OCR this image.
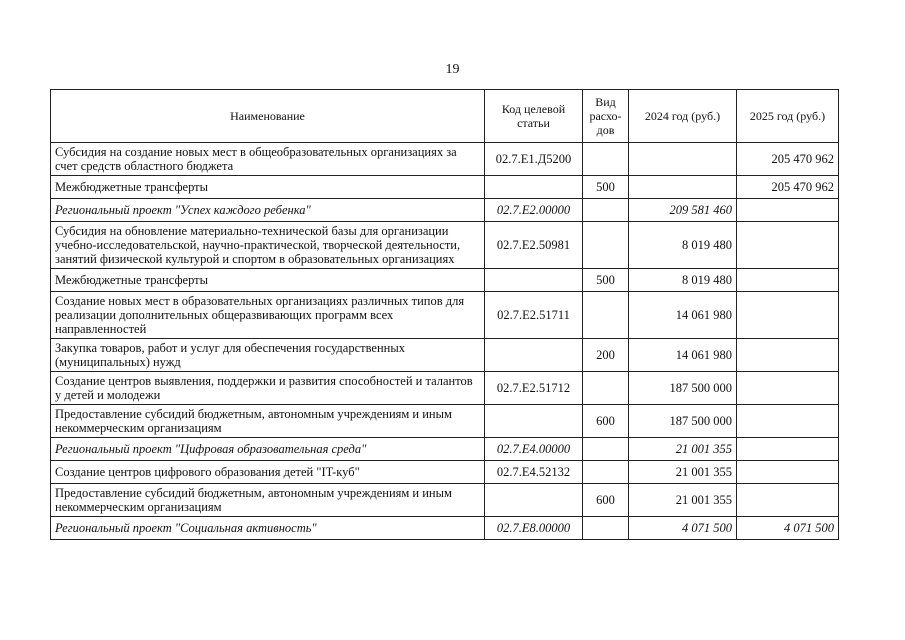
19
Наименование	Код целевой статьи	Вид расхо-дов	2024 год (руб.)	2025 год (руб.)
Субсидия на создание новых мест в общеобразовательных организациях за счет средств областного бюджета	02.7.Е1.Д5200			205 470 962
Межбюджетные трансферты		500		205 470 962
Региональный проект "Успех каждого ребенка"	02.7.Е2.00000		209 581 460	
Субсидия на обновление материально-технической базы для организации учебно-исследовательской, научно-практической, творческой деятельности, занятий физической культурой и спортом в образовательных организациях	02.7.Е2.50981		8 019 480	
Межбюджетные трансферты		500	8 019 480	
Создание новых мест в образовательных организациях различных типов для реализации дополнительных общеразвивающих программ всех направленностей	02.7.Е2.51711		14 061 980	
Закупка товаров, работ и услуг для обеспечения государственных (муниципальных) нужд		200	14 061 980	
Создание центров выявления, поддержки и развития способностей и талантов у детей и молодежи	02.7.Е2.51712		187 500 000	
Предоставление субсидий бюджетным, автономным учреждениям и иным некоммерческим организациям		600	187 500 000	
Региональный проект "Цифровая образовательная среда"	02.7.Е4.00000		21 001 355	
Создание центров цифрового образования детей "IT-куб"	02.7.Е4.52132		21 001 355	
Предоставление субсидий бюджетным, автономным учреждениям и иным некоммерческим организациям		600	21 001 355	
Региональный проект "Социальная активность"	02.7.Е8.00000		4 071 500	4 071 500
